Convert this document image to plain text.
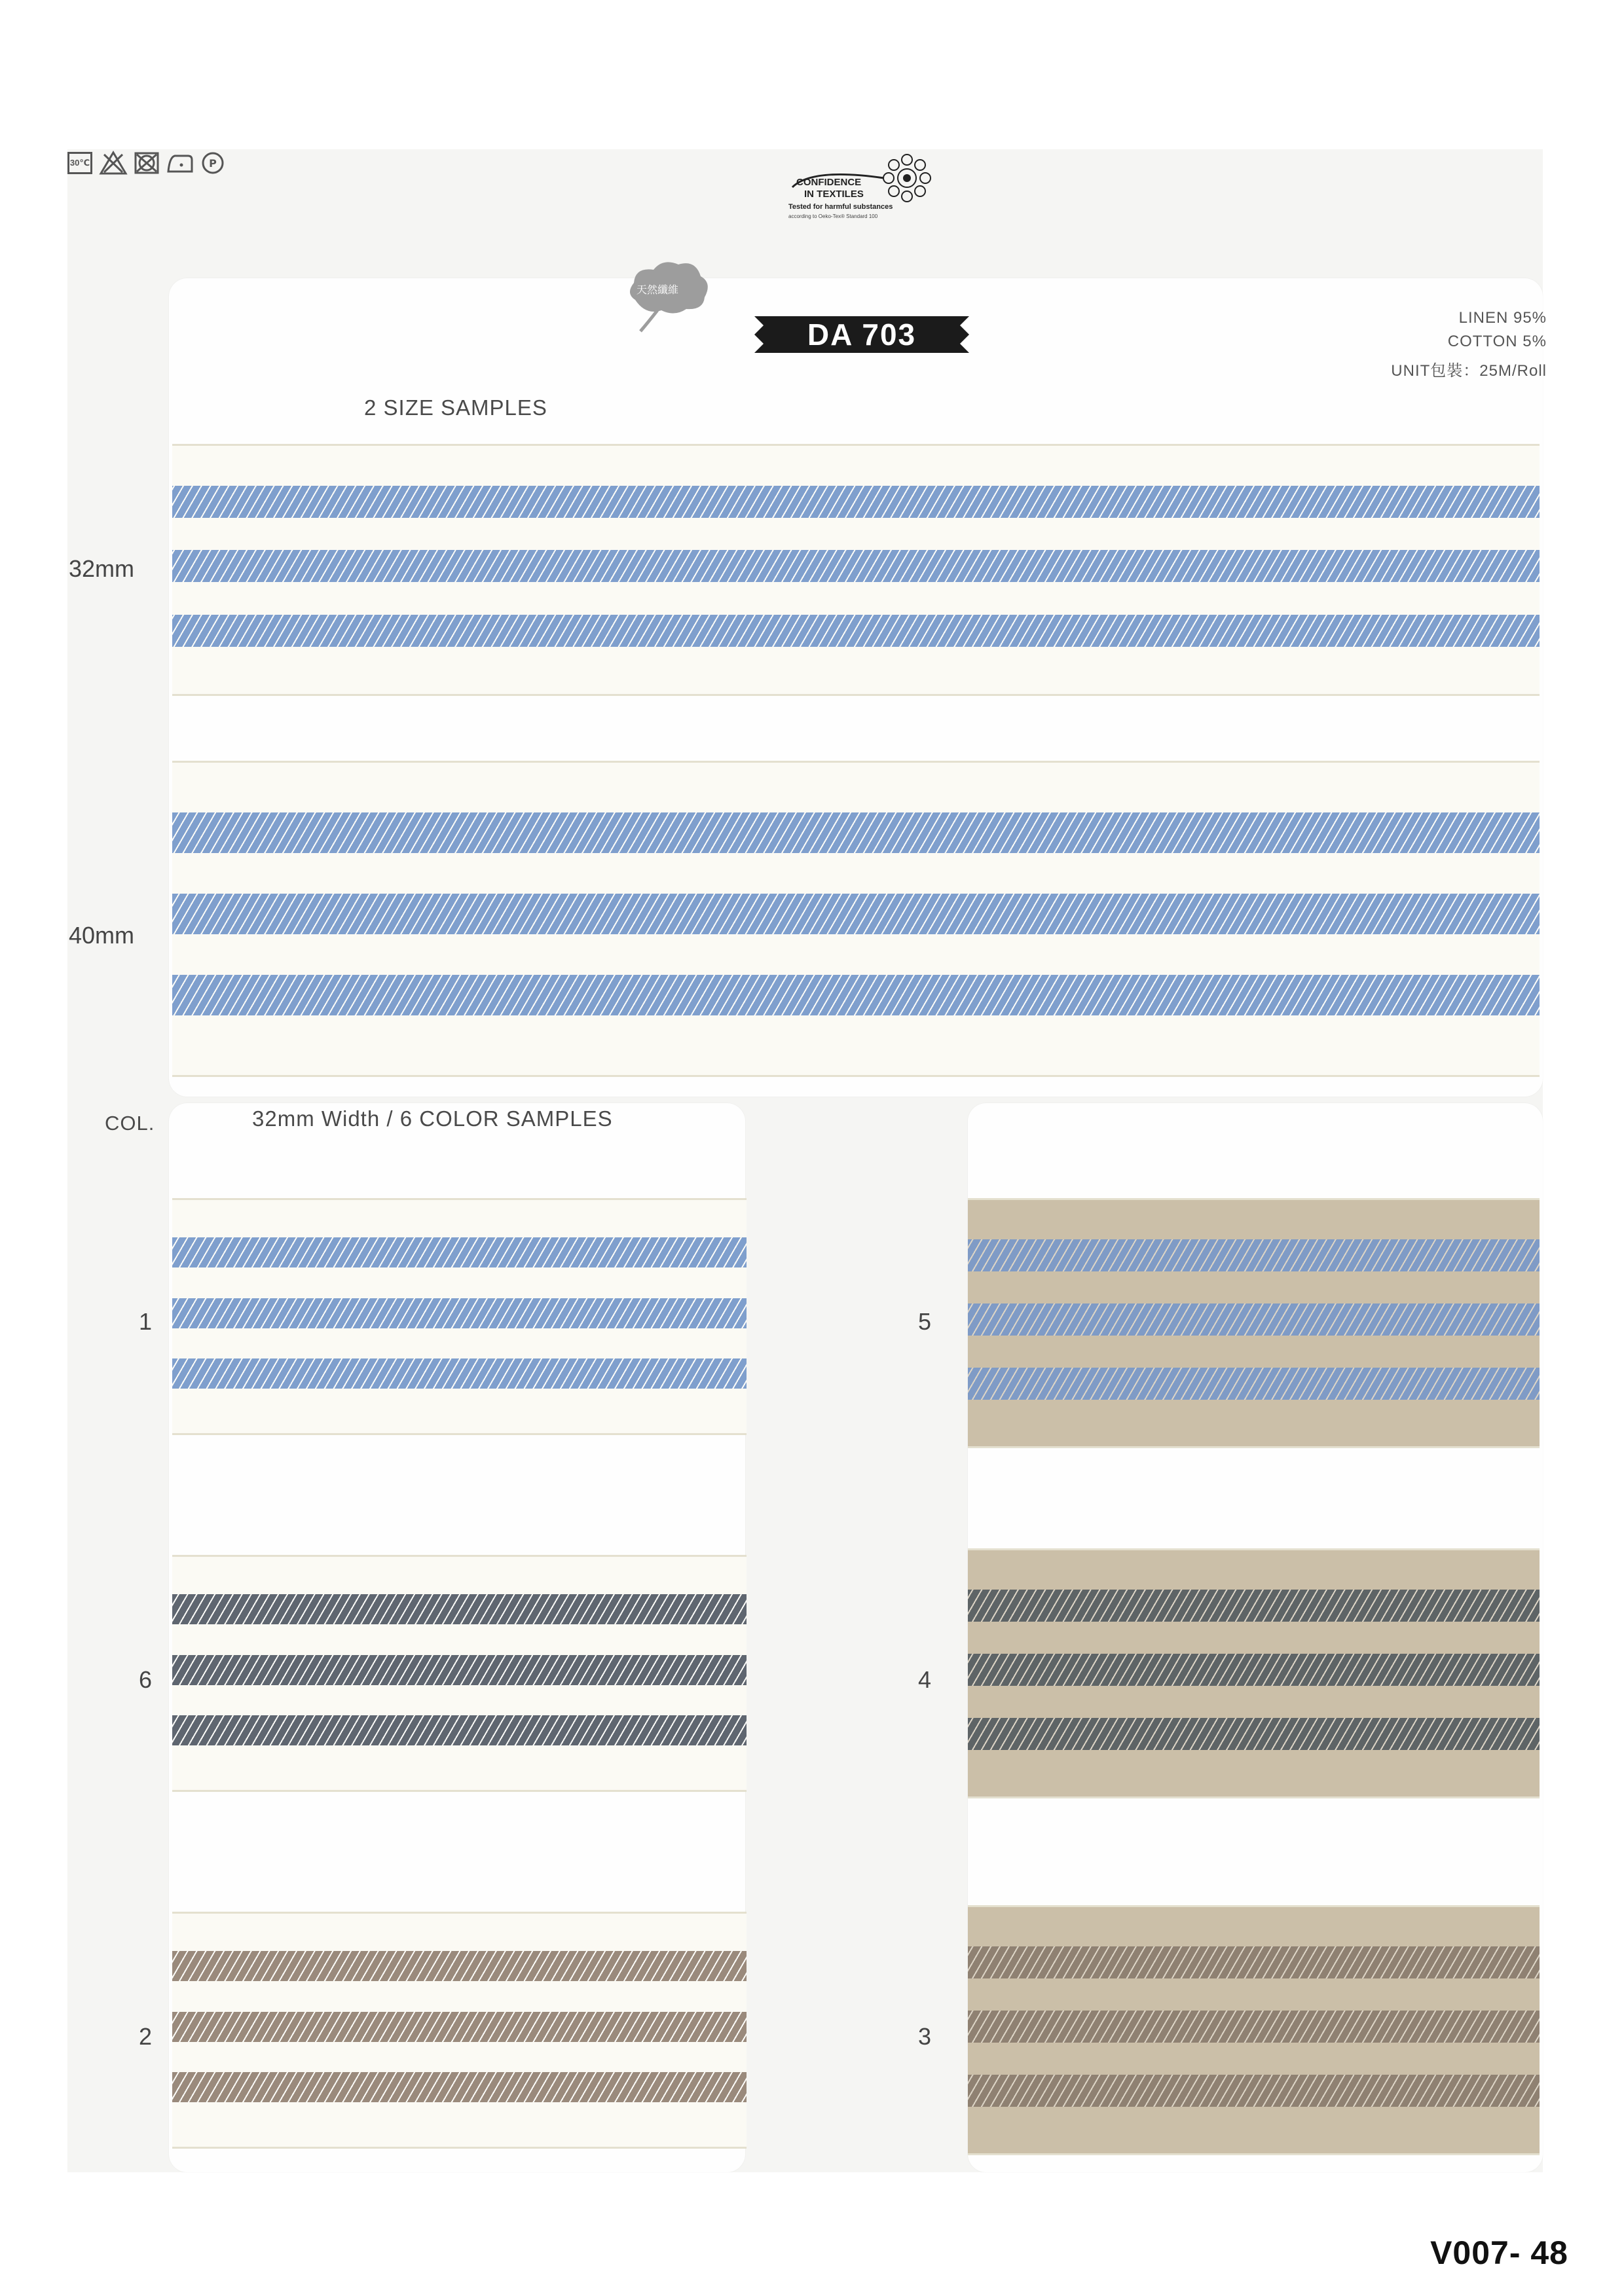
30℃	P
CONFIDENCE
IN TEXTILES
Tested for harmful substances
according to Oeko-Tex® Standard 100
天然纖維
DA 703	LINEN 95%
COTTON 5%
UNIT包裝：25M/Roll
2 SIZE SAMPLES
32mm
40mm
COL.	32mm Width / 6 COLOR SAMPLES
1
6
2
5
4
3
V007- 48
